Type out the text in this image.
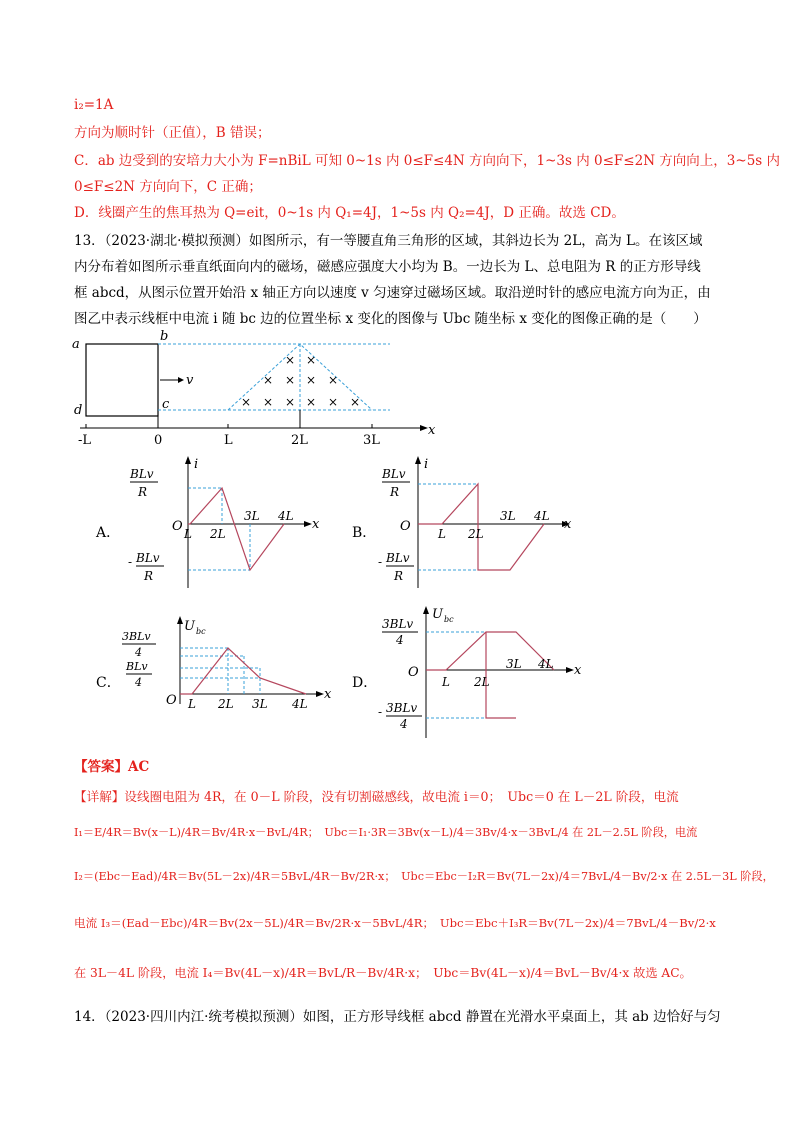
i₂=1A
方向为顺时针（正值），B 错误；
C．ab 边受到的安培力大小为 F=nBiL 可知 0~1s 内 0≤F≤4N 方向向下，1~3s 内 0≤F≤2N 方向向上，3~5s 内
0≤F≤2N 方向向下，C 正确；
D．线圈产生的焦耳热为 Q=eit，0~1s 内 Q₁=4J，1~5s 内 Q₂=4J，D 正确。故选 CD。
13．（2023·湖北·模拟预测）如图所示，有一等腰直角三角形的区域，其斜边长为 2L，高为 L。在该区域
内分布着如图所示垂直纸面向内的磁场，磁感应强度大小均为 B。一边长为 L、总电阻为 R 的正方形导线
框 abcd，从图示位置开始沿 x 轴正方向以速度 v 匀速穿过磁场区域。取沿逆时针的感应电流方向为正，由
图乙中表示线框中电流 i 随 bc 边的位置坐标 x 变化的图像与 Ubc 随坐标 x 变化的图像正确的是（　　）
× ×
× × × ×
× × × × × ×
v
a
b
c
d
-L	0	L	2L	3L
x
A．
i
x
O
BLv
R
- BLv
R
L 2L
3L 4L
B．
i
x
O
BLv
R
- BLv
R
L 2L
3L 4L
C．
U bc
x
O
3BLv
4
BLv
4
L 2L 3L 4L
D．
U bc
x
O
3BLv
4
- 3BLv
4
L 2L
3L 4L
【答案】AC
【详解】设线圈电阻为 4R，在 0－L 阶段，没有切割磁感线，故电流 i＝0；　Ubc＝0 在 L－2L 阶段，电流
I₁＝E/4R＝Bv(x－L)/4R＝Bv/4R·x－BvL/4R；　Ubc＝I₁·3R＝3Bv(x－L)/4＝3Bv/4·x－3BvL/4 在 2L－2.5L 阶段，电流
I₂＝(Ebc－Ead)/4R＝Bv(5L－2x)/4R＝5BvL/4R－Bv/2R·x；　Ubc＝Ebc－I₂R＝Bv(7L－2x)/4＝7BvL/4－Bv/2·x 在 2.5L－3L 阶段，
电流 I₃＝(Ead－Ebc)/4R＝Bv(2x－5L)/4R＝Bv/2R·x－5BvL/4R；　Ubc＝Ebc＋I₃R＝Bv(7L－2x)/4＝7BvL/4－Bv/2·x
在 3L－4L 阶段，电流 I₄＝Bv(4L－x)/4R＝BvL/R－Bv/4R·x；　Ubc＝Bv(4L－x)/4＝BvL－Bv/4·x 故选 AC。
14．（2023·四川内江·统考模拟预测）如图，正方形导线框 abcd 静置在光滑水平桌面上，其 ab 边恰好与匀
